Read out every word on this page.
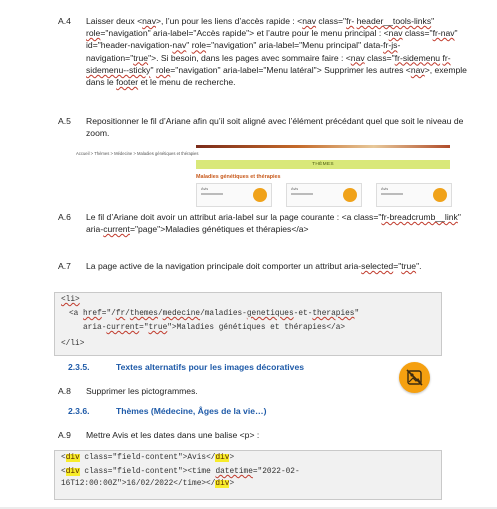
A.4	Laisser deux <nav>, l’un pour les liens d’accès rapide : <nav class="fr- header__tools-links" role="navigation" aria-label="Accès rapide"> et l’autre pour le menu principal : <nav class="fr-nav" id="header-navigation-nav" role="navigation" aria-label="Menu principal" data-fr-js-navigation="true">. Si besoin, dans les pages avec sommaire faire : <nav class="fr-sidemenu fr-sidemenu--sticky" role="navigation" aria-label="Menu latéral"> Supprimer les autres <nav>, exemple dans le footer et le menu de recherche.
A.5	Repositionner le fil d’Ariane afin qu’il soit aligné avec l’élément précédant quel que soit le niveau de zoom.
Accueil > Thèmes > Médecine > Maladies génétiques et thérapies
THÈMES
Maladies génétiques et thérapies
Avis	Avis	Avis
A.6	Le fil d’Ariane doit avoir un attribut aria-label sur la page courante : <a class="fr-breadcrumb__link" aria-current="page">Maladies génétiques et thérapies</a>
A.7	La page active de la navigation principale doit comporter un attribut aria-selected="true".
<li>
<a href="/fr/themes/medecine/maladies-genetiques-et-therapies"
aria-current="true">Maladies génétiques et thérapies</a>
</li>
2.3.5.	Textes alternatifs pour les images décoratives
A.8	Supprimer les pictogrammes.
2.3.6.	Thèmes (Médecine, Âges de la vie…)
A.9	Mettre Avis et les dates dans une balise <p> :
<div class="field-content">Avis</div>
<div class="field-content"><time datetime="2022-02-
16T12:00:00Z">16/02/2022</time></div>
